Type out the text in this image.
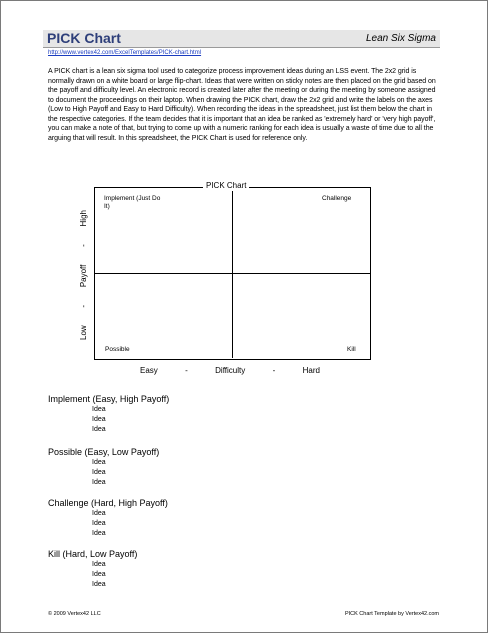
PICK Chart	Lean Six Sigma
http://www.vertex42.com/ExcelTemplates/PICK-chart.html
A PICK chart is a lean six sigma tool used to categorize process improvement ideas during an LSS event. The 2x2 grid is normally drawn on a white board or large flip-chart. Ideas that were written on sticky notes are then placed on the grid based on the payoff and difficulty level. An electronic record is created later after the meeting or during the meeting by someone assigned to document the proceedings on their laptop. When drawing the PICK chart, draw the 2x2 grid and write the labels on the axes (Low to High Payoff and Easy to Hard Difficulty). When recording the ideas in the spreadsheet, just list them below the chart in the respective categories. If the team decides that it is important that an idea be ranked as 'extremely hard' or 'very high payoff', you can make a note of that, but trying to come up with a numeric ranking for each idea is usually a waste of time due to all the arguing that will result. In this spreadsheet, the PICK Chart is used for reference only.
PICK Chart
Implement (Just Do It)
Challenge
Possible	Kill
Low
-
Payoff
-
High
Easy	-	Difficulty	-	Hard
Implement (Easy, High Payoff)
Idea
Idea
Idea
Possible (Easy, Low Payoff)
Idea
Idea
Idea
Challenge (Hard, High Payoff)
Idea
Idea
Idea
Kill (Hard, Low Payoff)
Idea
Idea
Idea
© 2009 Vertex42 LLC	PICK Chart Template by Vertex42.com
